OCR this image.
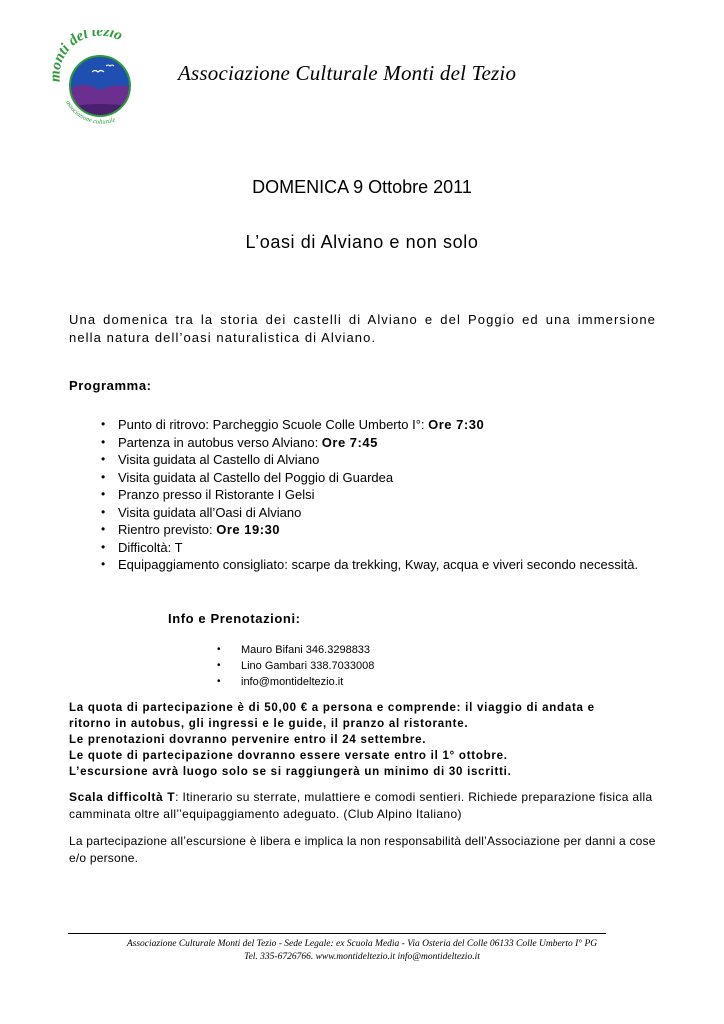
nti del tezio
associazione culturale
Associazione Culturale Monti del Tezio
DOMENICA 9 Ottobre 2011
L’oasi di Alviano e non solo
Una domenica tra la storia dei castelli di Alviano e del Poggio ed una immersione nella natura dell’oasi naturalistica di Alviano.
Programma:
• Punto di ritrovo: Parcheggio Scuole Colle Umberto I°: Ore 7:30
• Partenza in autobus verso Alviano: Ore 7:45
• Visita guidata al Castello di Alviano
• Visita guidata al Castello del Poggio di Guardea
• Pranzo presso il Ristorante I Gelsi
• Visita guidata all’Oasi di Alviano
• Rientro previsto: Ore 19:30
• Difficoltà: T
• Equipaggiamento consigliato: scarpe da trekking, Kway, acqua e viveri secondo necessità.
Info e Prenotazioni:
• Mauro Bifani 346.3298833
• Lino Gambari 338.7033008
• info@montideltezio.it
La quota di partecipazione è di 50,00 € a persona e comprende: il viaggio di andata e
ritorno in autobus, gli ingressi e le guide, il pranzo al ristorante.
Le prenotazioni dovranno pervenire entro il 24 settembre.
Le quote di partecipazione dovranno essere versate entro il 1° ottobre.
L’escursione avrà luogo solo se si raggiungerà un minimo di 30 iscritti.
Scala difficoltà T: Itinerario su sterrate, mulattiere e comodi sentieri. Richiede preparazione fisica alla camminata oltre all’’equipaggiamento adeguato. (Club Alpino Italiano)
La partecipazione all’escursione è libera e implica la non responsabilità dell’Associazione per danni a cose e/o persone.
Associazione Culturale Monti del Tezio - Sede Legale: ex Scuola Media - Via Osteria del Colle 06133 Colle Umberto I° PG
Tel. 335-6726766. www.montideltezio.it info@montideltezio.it
